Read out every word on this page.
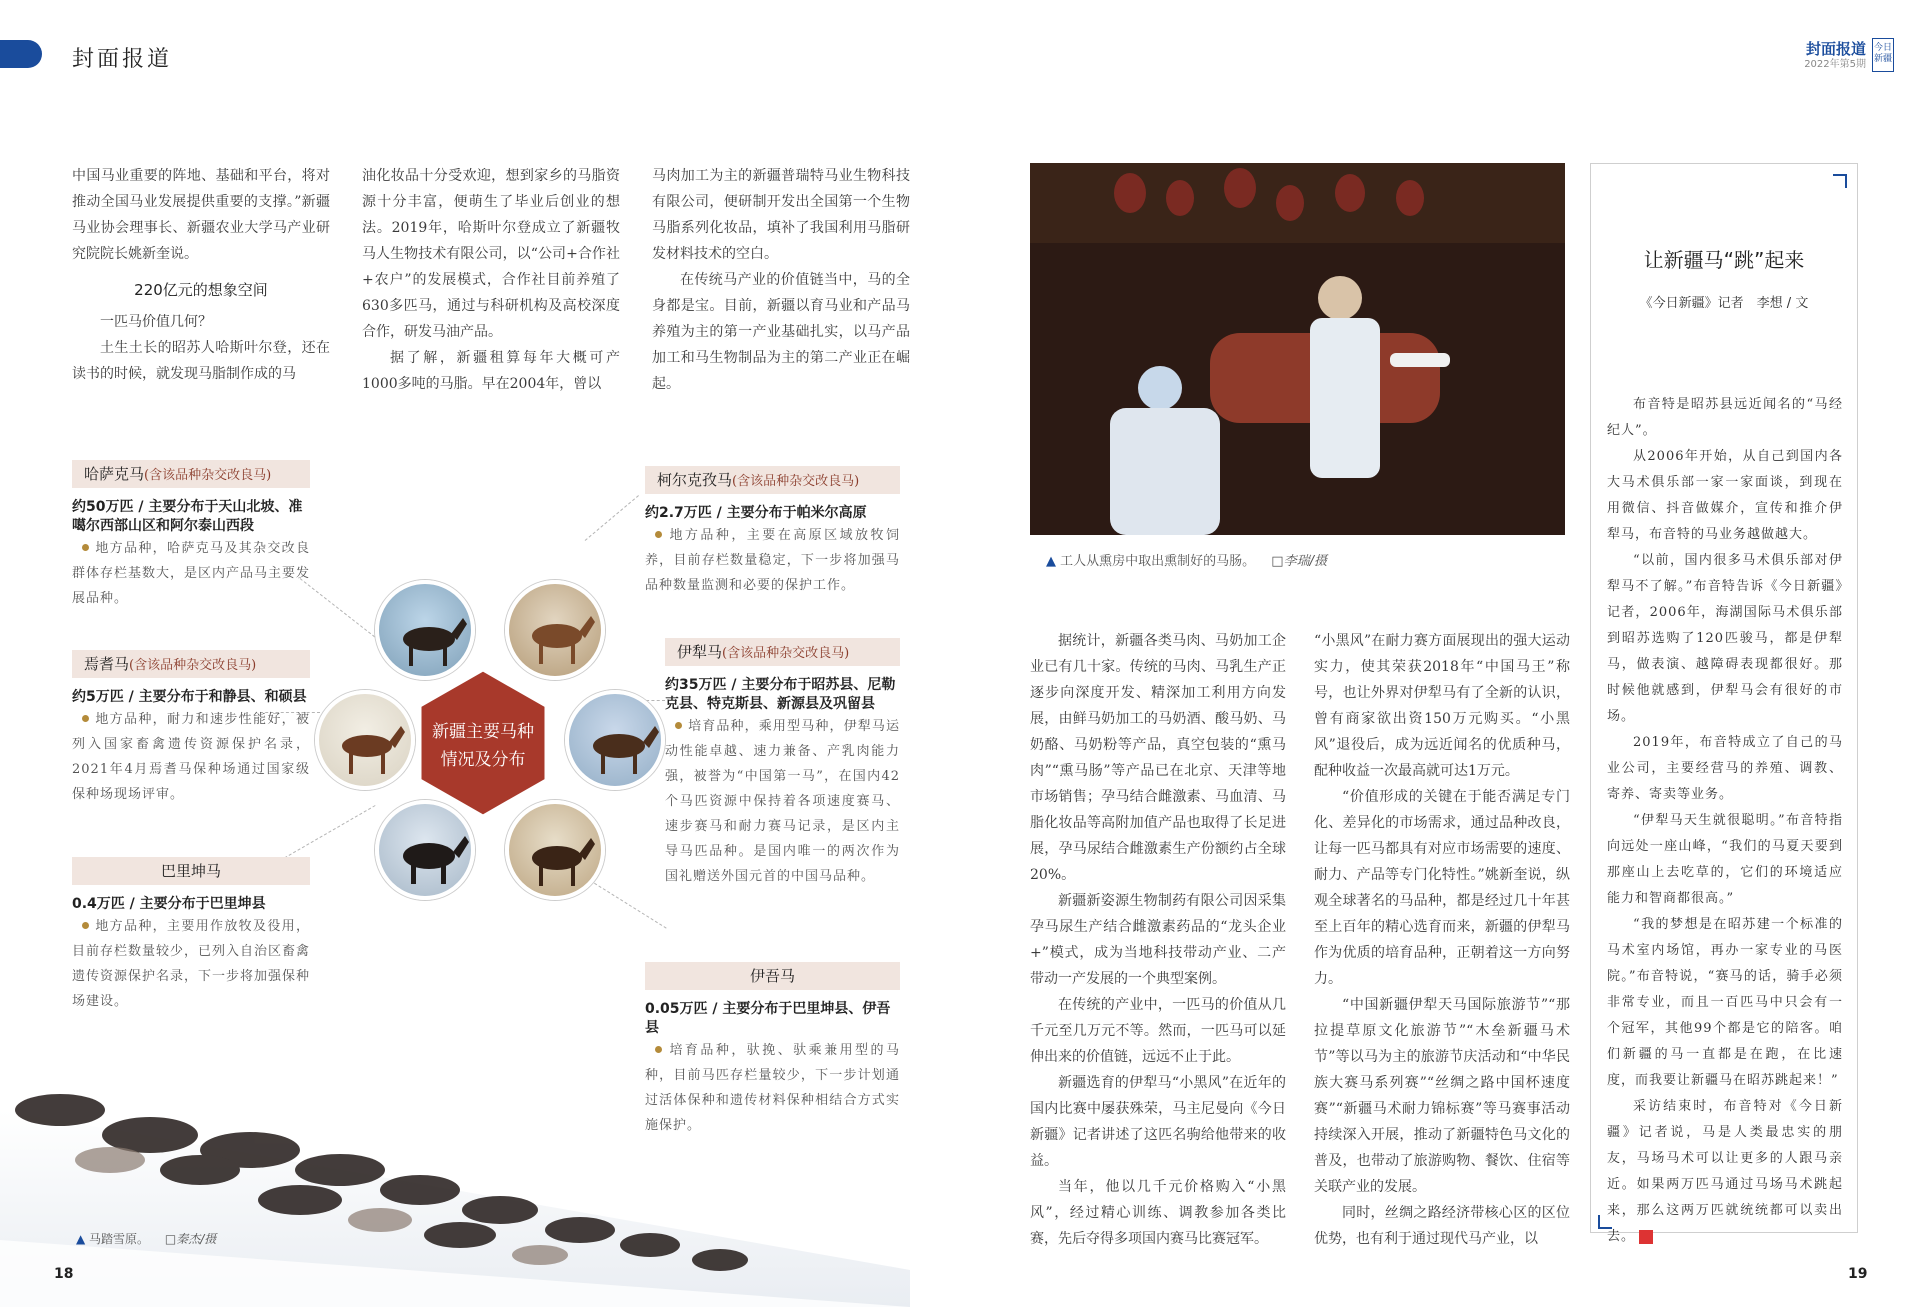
封面报道	封面报道
2022年第5期
今日新疆

中国马业重要的阵地、基础和平台，将对推动全国马业发展提供重要的支撑。”新疆马业协会理事长、新疆农业大学马产业研究院院长姚新奎说。

220亿元的想象空间

一匹马价值几何？

土生土长的昭苏人哈斯叶尔登，还在读书的时候，就发现马脂制作成的马

油化妆品十分受欢迎，想到家乡的马脂资源十分丰富，便萌生了毕业后创业的想法。2019年，哈斯叶尔登成立了新疆牧马人生物技术有限公司，以“公司+合作社+农户”的发展模式，合作社目前养殖了630多匹马，通过与科研机构及高校深度合作，研发马油产品。

据了解，新疆租算每年大概可产1000多吨的马脂。早在2004年，曾以

马肉加工为主的新疆普瑞特马业生物科技有限公司，便研制开发出全国第一个生物马脂系列化妆品，填补了我国利用马脂研发材料技术的空白。

在传统马产业的价值链当中，马的全身都是宝。目前，新疆以育马业和产品马养殖为主的第一产业基础扎实，以马产品加工和马生物制品为主的第二产业正在崛起。

新疆主要马种
情况及分布
哈萨克马(含该品种杂交改良马)
约50万匹 / 主要分布于天山北坡、准噶尔西部山区和阿尔泰山西段
地方品种，哈萨克马及其杂交改良群体存栏基数大，是区内产品马主要发展品种。
焉耆马(含该品种杂交改良马)
约5万匹 / 主要分布于和静县、和硕县
地方品种，耐力和速步性能好，被列入国家畜禽遗传资源保护名录，2021年4月焉耆马保种场通过国家级保种场现场评审。
巴里坤马
0.4万匹 / 主要分布于巴里坤县
地方品种，主要用作放牧及役用，目前存栏数量较少，已列入自治区畜禽遗传资源保护名录，下一步将加强保种场建设。
柯尔克孜马(含该品种杂交改良马)
约2.7万匹 / 主要分布于帕米尔高原
地方品种，主要在高原区域放牧饲养，目前存栏数量稳定，下一步将加强马品种数量监测和必要的保护工作。
伊犁马(含该品种杂交改良马)
约35万匹 / 主要分布于昭苏县、尼勒克县、特克斯县、新源县及巩留县
培育品种，乘用型马种，伊犁马运动性能卓越、速力兼备、产乳肉能力强，被誉为“中国第一马”，在国内42个马匹资源中保持着各项速度赛马、速步赛马和耐力赛马记录，是区内主导马匹品种。是国内唯一的两次作为国礼赠送外国元首的中国马品种。
伊吾马
0.05万匹 / 主要分布于巴里坤县、伊吾县
培育品种，驮挽、驮乘兼用型的马种，目前马匹存栏量较少，下一步计划通过活体保种和遗传材料保种相结合方式实施保护。
▲ 马踏雪原。 □秦杰/摄
18
▲ 工人从熏房中取出熏制好的马肠。 □李瑞/摄

据统计，新疆各类马肉、马奶加工企业已有几十家。传统的马肉、马乳生产正逐步向深度开发、精深加工利用方向发展，由鲜马奶加工的马奶酒、酸马奶、马奶酪、马奶粉等产品，真空包装的“熏马肉”“熏马肠”等产品已在北京、天津等地市场销售；孕马结合雌激素、马血清、马脂化妆品等高附加值产品也取得了长足进展，孕马尿结合雌激素生产份额约占全球20%。

新疆新姿源生物制药有限公司因采集孕马尿生产结合雌激素药品的“龙头企业+”模式，成为当地科技带动产业、二产带动一产发展的一个典型案例。

在传统的产业中，一匹马的价值从几千元至几万元不等。然而，一匹马可以延伸出来的价值链，远远不止于此。

新疆选育的伊犁马“小黑风”在近年的国内比赛中屡获殊荣，马主尼曼向《今日新疆》记者讲述了这匹名驹给他带来的收益。

当年，他以几千元价格购入“小黑风”，经过精心训练、调教参加各类比赛，先后夺得多项国内赛马比赛冠军。

“小黑风”在耐力赛方面展现出的强大运动实力，使其荣获2018年“中国马王”称号，也让外界对伊犁马有了全新的认识，曾有商家欲出资150万元购买。“小黑风”退役后，成为远近闻名的优质种马，配种收益一次最高就可达1万元。

“价值形成的关键在于能否满足专门化、差异化的市场需求，通过品种改良，让每一匹马都具有对应市场需要的速度、耐力、产品等专门化特性。”姚新奎说，纵观全球著名的马品种，都是经过几十年甚至上百年的精心选育而来，新疆的伊犁马作为优质的培育品种，正朝着这一方向努力。

“中国新疆伊犁天马国际旅游节”“那拉提草原文化旅游节”“木垒新疆马术节”等以马为主的旅游节庆活动和“中华民族大赛马系列赛”“丝绸之路中国杯速度赛”“新疆马术耐力锦标赛”等马赛事活动持续深入开展，推动了新疆特色马文化的普及，也带动了旅游购物、餐饮、住宿等关联产业的发展。

同时，丝绸之路经济带核心区的区位优势，也有利于通过现代马产业，以

让新疆马“跳”起来
《今日新疆》记者　李想 / 文

布音特是昭苏县远近闻名的“马经纪人”。

从2006年开始，从自己到国内各大马术俱乐部一家一家面谈，到现在用微信、抖音做媒介，宣传和推介伊犁马，布音特的马业务越做越大。

“以前，国内很多马术俱乐部对伊犁马不了解。”布音特告诉《今日新疆》记者，2006年，海湖国际马术俱乐部到昭苏选购了120匹骏马，都是伊犁马，做表演、越障碍表现都很好。那时候他就感到，伊犁马会有很好的市场。

2019年，布音特成立了自己的马业公司，主要经营马的养殖、调教、寄养、寄卖等业务。

“伊犁马天生就很聪明。”布音特指向远处一座山峰，“我们的马夏天要到那座山上去吃草的，它们的环境适应能力和智商都很高。”

“我的梦想是在昭苏建一个标准的马术室内场馆，再办一家专业的马医院。”布音特说，“赛马的话，骑手必须非常专业，而且一百匹马中只会有一个冠军，其他99个都是它的陪客。咱们新疆的马一直都是在跑，在比速度，而我要让新疆马在昭苏跳起来！”

采访结束时，布音特对《今日新疆》记者说，马是人类最忠实的朋友，马场马术可以让更多的人跟马亲近。如果两万匹马通过马场马术跳起来，那么这两万匹就统统都可以卖出去。

19
